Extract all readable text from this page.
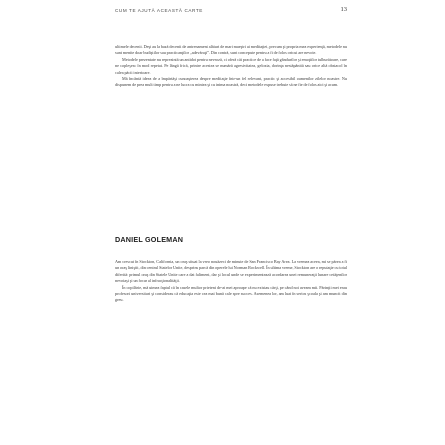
CUM TE AJUTĂ ACEASTĂ CARTE	13

ultimele decenii. Deşi au la bază decenii de antrenament alături de mari maeştri ai meditaţiei, precum şi propria mea experienţă, metodele nu sunt menite doar budiştilor sau practicanţilor „adevăraţi”. Din contră, sunt concepute pentru a fi de folos oricui are nevoie.

Metodele prezentate nu reprezintă un antidot pentru nevroză, ci oferă căi practice de a face faţă gândurilor şi emoţiilor tulburătoare, care ne copleşesc în mod repetat. Pe lângă frică, printre acestea se numără agresivitatea, gelozia, dorinţa nestăpânită sau orice altă obstacol în calea păcii interioare.

Mă încântă ideea de a împărtăşi cunoaşterea despre meditaţie într-un fel relevant, practic şi accesibil oamenilor zilelor noastre. Nu dispunem de prea mult timp pentru a ne lucra cu mintea şi cu inima noastră, deci metodele expuse trebuie să ne fie de folos aici şi acum.

DANIEL GOLEMAN

Am crescut în Stockton, California, un oraş situat la vreo nouăzeci de minute de San Francisco Bay Area. La vremea aceea, mi se părea a fi un oraş liniştit, din centrul Statelor Unite, desprins parcă din operele lui Norman Rockwell. În ultima vreme, Stockton are o reputaţie cu totul diferită: primul oraş din Statele Unite care a dat faliment, dar şi locul unde se experimentează acordarea unei remuneraţii lunare cetăţenilor nevoiaşi şi un focar al infracţionalităţii.

În copilărie, mă uimea faptul că în casele multor prieteni de-ai mei aproape că nu existau cărţi, pe când noi aveam mii. Părinţii mei erau profesori universitari şi considerau că educaţia este cea mai bună cale spre succes. Asemenea lor, am luat în serios şcoala şi am muncit din greu.
